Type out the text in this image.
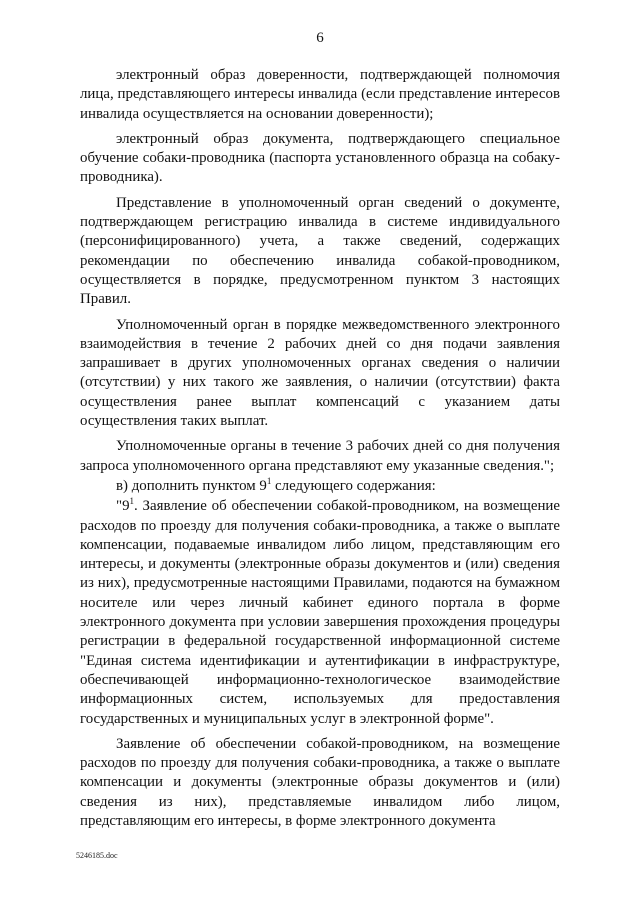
6

электронный образ доверенности, подтверждающей полномочия лица, представляющего интересы инвалида (если представление интересов инвалида осуществляется на основании доверенности);

электронный образ документа, подтверждающего специальное обучение собаки-проводника (паспорта установленного образца на собаку-проводника).

Представление в уполномоченный орган сведений о документе, подтверждающем регистрацию инвалида в системе индивидуального (персонифицированного) учета, а также сведений, содержащих рекомендации по обеспечению инвалида собакой-проводником, осуществляется в порядке, предусмотренном пунктом 3 настоящих Правил.

Уполномоченный орган в порядке межведомственного электронного взаимодействия в течение 2 рабочих дней со дня подачи заявления запрашивает в других уполномоченных органах сведения о наличии (отсутствии) у них такого же заявления, о наличии (отсутствии) факта осуществления ранее выплат компенсаций с указанием даты осуществления таких выплат.

Уполномоченные органы в течение 3 рабочих дней со дня получения запроса уполномоченного органа представляют ему указанные сведения.";

в) дополнить пунктом $9^1$ следующего содержания:

"$9^1$. Заявление об обеспечении собакой-проводником, на возмещение расходов по проезду для получения собаки-проводника, а также о выплате компенсации, подаваемые инвалидом либо лицом, представляющим его интересы, и документы (электронные образы документов и (или) сведения из них), предусмотренные настоящими Правилами, подаются на бумажном носителе или через личный кабинет единого портала в форме электронного документа при условии завершения прохождения процедуры регистрации в федеральной государственной информационной системе "Единая система идентификации и аутентификации в инфраструктуре, обеспечивающей информационно-технологическое взаимодействие информационных систем, используемых для предоставления государственных и муниципальных услуг в электронной форме".

Заявление об обеспечении собакой-проводником, на возмещение расходов по проезду для получения собаки-проводника, а также о выплате компенсации и документы (электронные образы документов и (или) сведения из них), представляемые инвалидом либо лицом, представляющим его интересы, в форме электронного документа

5246185.doc
